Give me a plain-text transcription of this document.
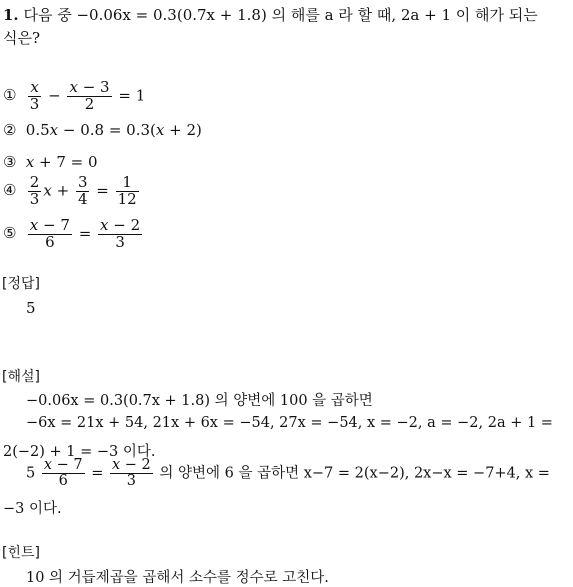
1. 다음 중 −0.06x = 0.3(0.7x + 1.8) 의 해를 a 라 할 때, 2a + 1 이 해가 되는
식은?
① $\frac{x}{3} - \frac{x - 3}{2} = 1$
② 0.5x − 0.8 = 0.3(x + 2)
③ x + 7 = 0
④ $\frac{2}{3}$ $x + \frac{3}{4} = \frac{1}{12}$
⑤ $\frac{x - 7}{6} = \frac{x - 2}{3}$
[정답]
5
[해설]
−0.06x = 0.3(0.7x + 1.8) 의 양변에 100 을 곱하면
−6x = 21x + 54, 21x + 6x = −54, 27x = −54, x = −2, a = −2, 2a + 1 =
2(−2) + 1 = −3 이다.
$5 \frac{x - 7}{6} = \frac{x - 2}{3}$ 의 양변에 6 을 곱하면 x−7 = 2(x−2), 2x−x = −7+4, x =
−3 이다.
[힌트]
10 의 거듭제곱을 곱해서 소수를 정수로 고친다.
